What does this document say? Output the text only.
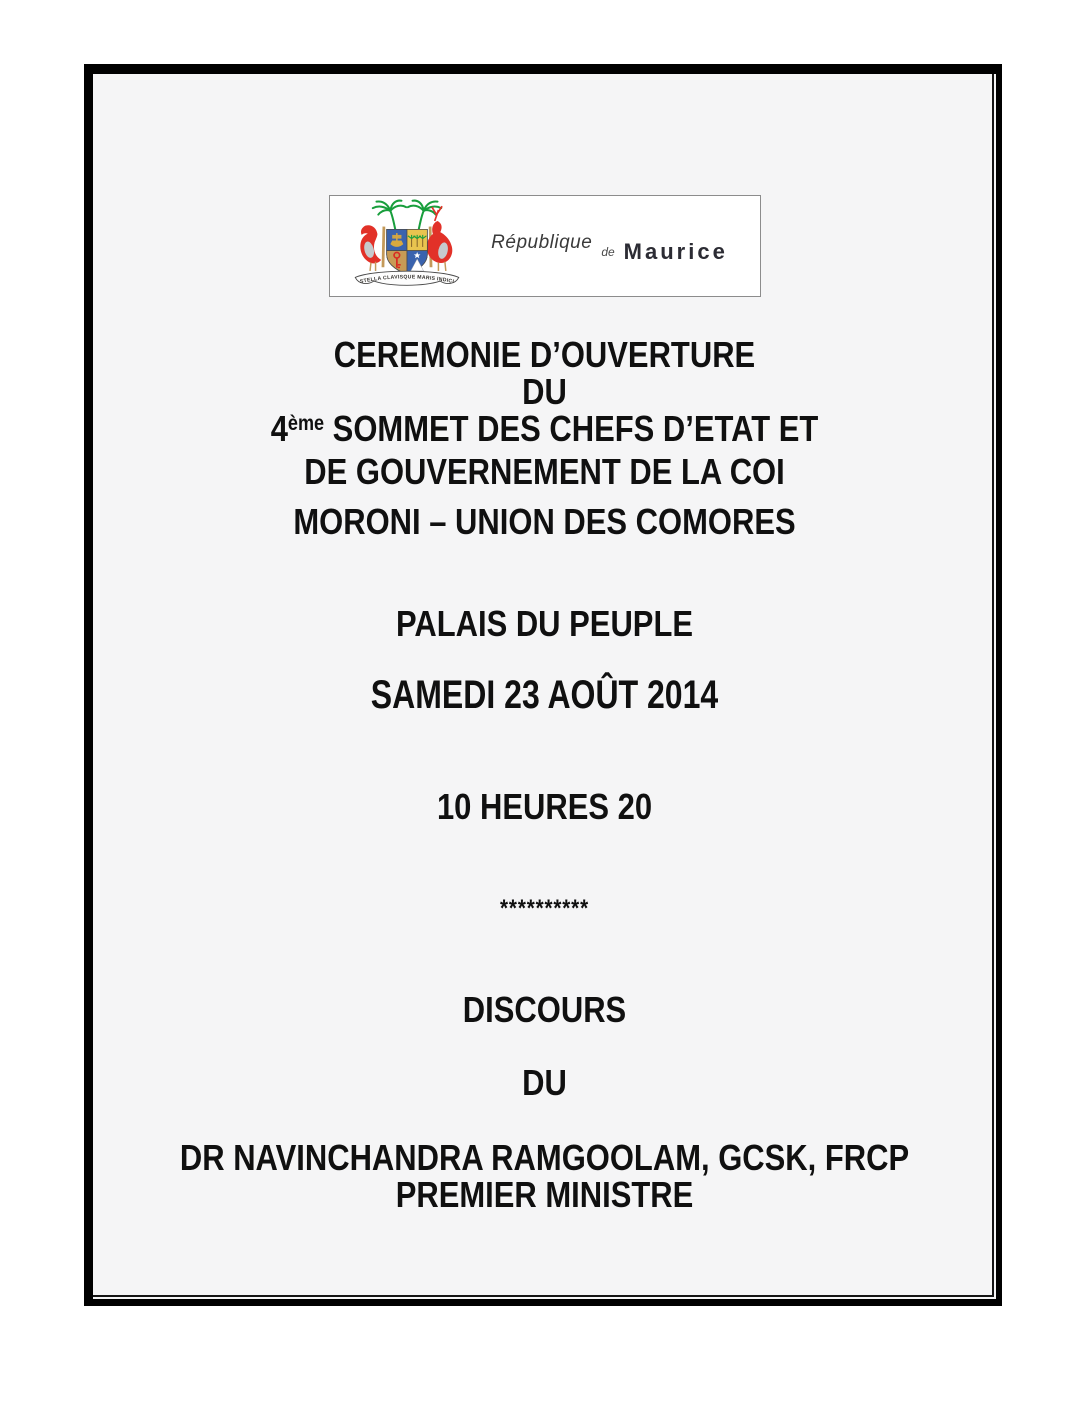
STELLA CLAVISQUE MARIS INDICI
République $_{de}$ Maurice
CEREMONIE D’OUVERTURE
DU
4ème SOMMET DES CHEFS D’ETAT ET
DE GOUVERNEMENT DE LA COI
MORONI – UNION DES COMORES
PALAIS DU PEUPLE
SAMEDI 23 AOÛT 2014
10 HEURES 20
**********
DISCOURS
DU
DR NAVINCHANDRA RAMGOOLAM, GCSK, FRCP
PREMIER MINISTRE
